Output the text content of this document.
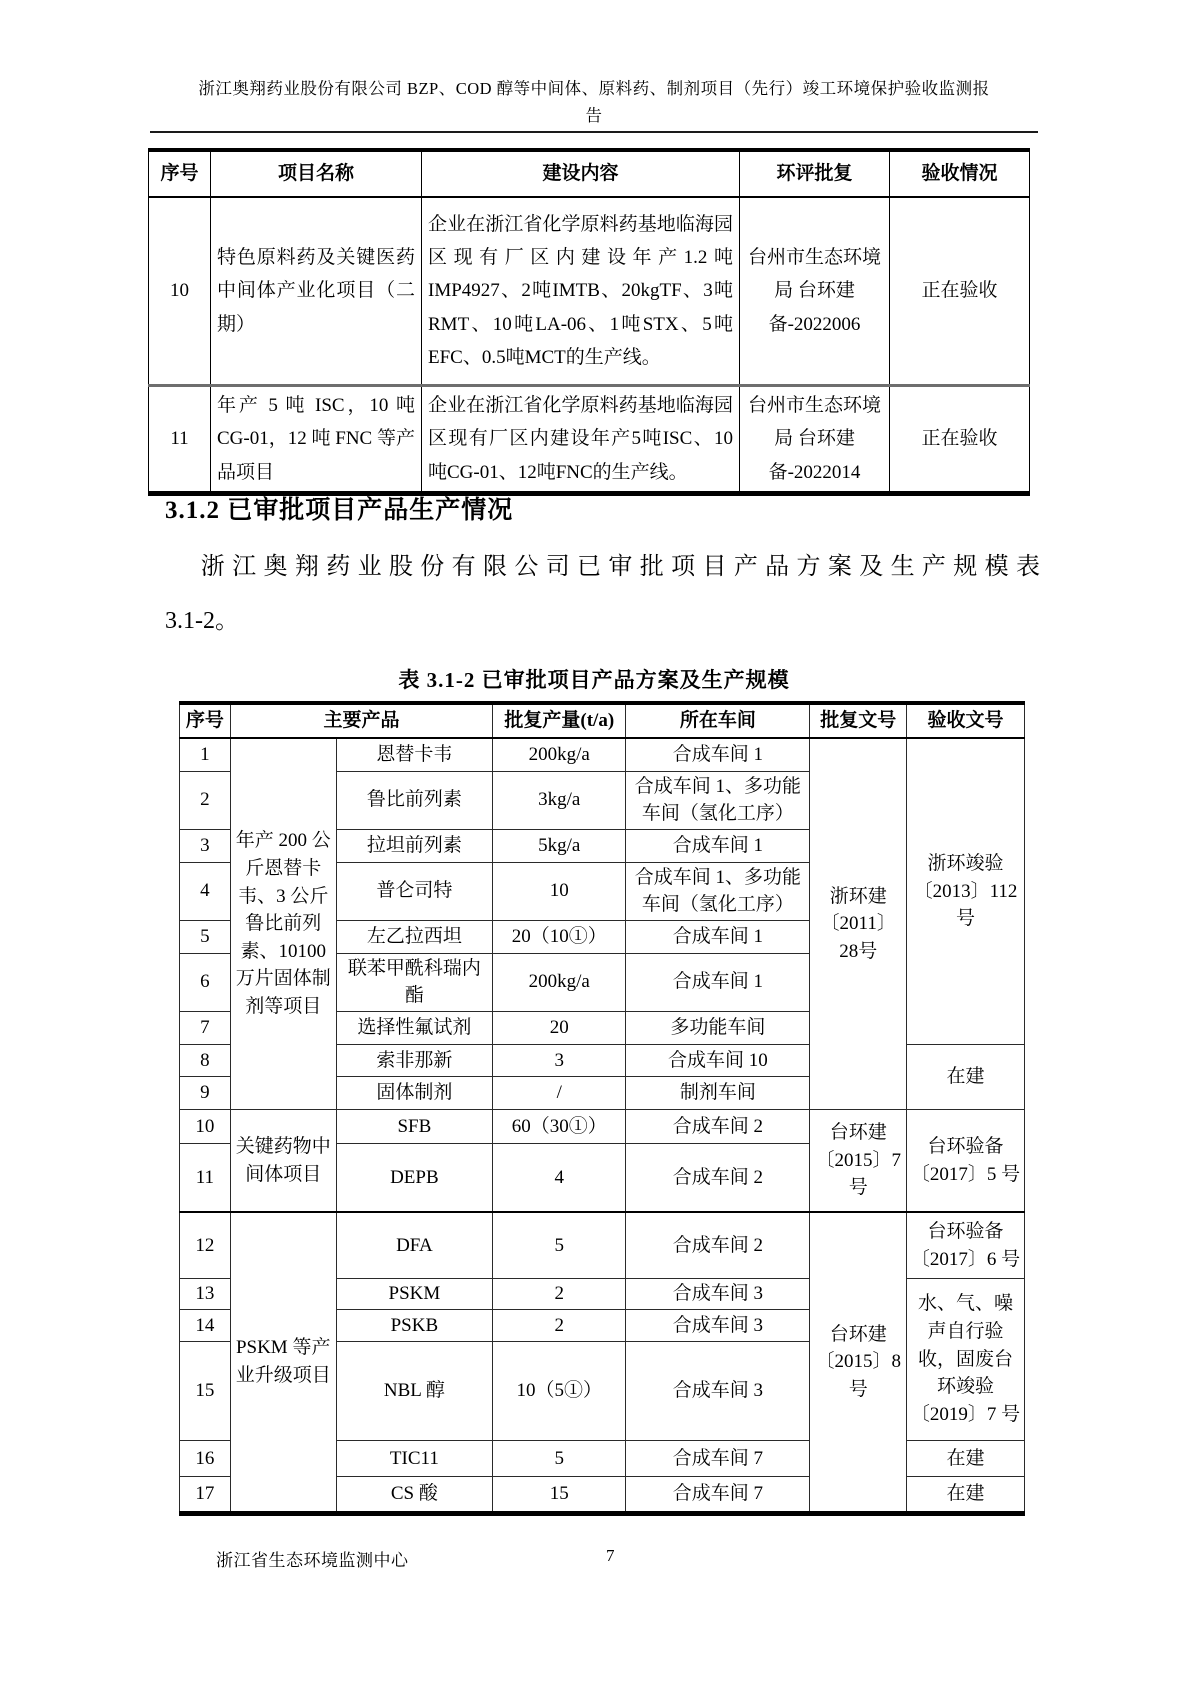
浙江奥翔药业股份有限公司 BZP、COD 醇等中间体、原料药、制剂项目（先行）竣工环境保护验收监测报
告
序号	项目名称	建设内容	环评批复	验收情况
10	特色原料药及关键医药中间体产业化项目（二期）	企业在浙江省化学原料药基地临海园区现有厂区内建设年产1.2吨IMP4927、2吨IMTB、20kgTF、3吨RMT、10吨LA-06、1吨STX、5吨EFC、0.5吨MCT的生产线。	台州市生态环境局 台环建备-2022006	正在验收
11	年产 5 吨 ISC，10 吨 CG-01，12 吨 FNC 等产品项目	企业在浙江省化学原料药基地临海园区现有厂区内建设年产5吨ISC、10吨CG-01、12吨FNC的生产线。	台州市生态环境局 台环建备-2022014	正在验收
3.1.2 已审批项目产品生产情况
浙江奥翔药业股份有限公司已审批项目产品方案及生产规模表
3.1-2。
表 3.1-2 已审批项目产品方案及生产规模
序号	主要产品		批复产量(t/a)	所在车间	批复文号	验收文号
1	年产 200 公斤恩替卡韦、3 公斤鲁比前列素、10100 万片固体制剂等项目	恩替卡韦	200kg/a	合成车间 1	浙环建〔2011〕28号	浙环竣验〔2013〕112 号
2		鲁比前列素	3kg/a	合成车间 1、多功能车间（氢化工序）		
3		拉坦前列素	5kg/a	合成车间 1		
4		普仑司特	10	合成车间 1、多功能车间（氢化工序）		
5		左乙拉西坦	20（10①）	合成车间 1		
6		联苯甲酰科瑞内酯	200kg/a	合成车间 1		
7		选择性氟试剂	20	多功能车间		
8		索非那新	3	合成车间 10		在建
9		固体制剂	/	制剂车间		
10	关键药物中间体项目	SFB	60（30①）	合成车间 2	台环建〔2015〕7 号	台环验备〔2017〕5 号
11		DEPB	4	合成车间 2		
12	PSKM 等产业升级项目	DFA	5	合成车间 2	台环建〔2015〕8 号	台环验备〔2017〕6 号
13		PSKM	2	合成车间 3		水、气、噪声自行验收，固废台环竣验〔2019〕7 号
14		PSKB	2	合成车间 3		
15		NBL 醇	10（5①）	合成车间 3		
16		TIC11	5	合成车间 7		在建
17		CS 酸	15	合成车间 7		在建
浙江省生态环境监测中心	7
